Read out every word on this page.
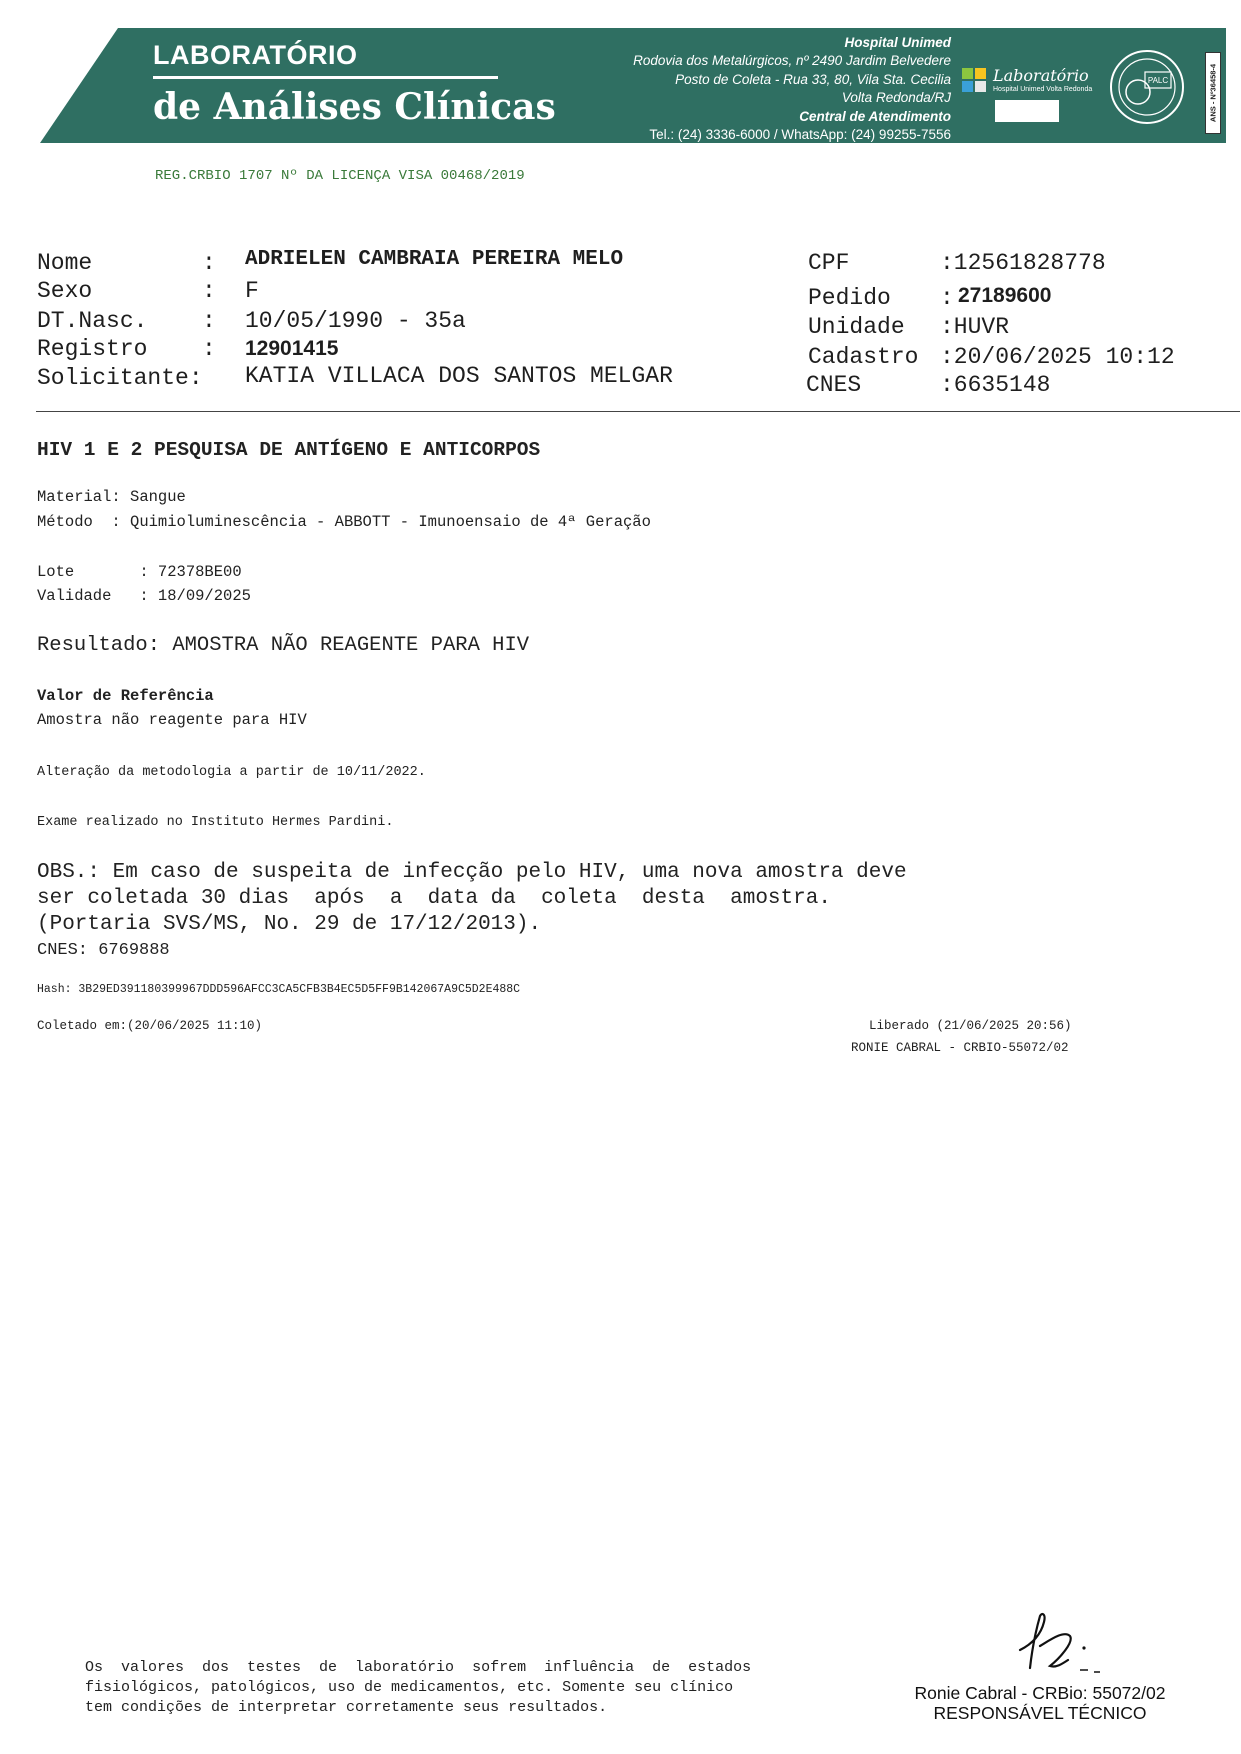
LABORATÓRIO
de Análises Clínicas
Hospital Unimed
Rodovia dos Metalúrgicos, nº 2490 Jardim Belvedere
Posto de Coleta - Rua 33, 80, Vila Sta. Cecilia
Volta Redonda/RJ
Central de Atendimento
Tel.: (24) 3336-6000 / WhatsApp: (24) 99255-7556
Laboratório
Hospital Unimed Volta Redonda
PALC	ANS - Nº36458-4
REG.CRBIO 1707 Nº DA LICENÇA VISA 00468/2019
Nome	: ADRIELEN CAMBRAIA PEREIRA MELO
Sexo	: F
DT.Nasc. : 10/05/1990 - 35a
Registro : 12901415
Solicitante: KATIA VILLACA DOS SANTOS MELGAR
CPF	:12561828778
Pedido : 27189600
Unidade :HUVR
Cadastro :20/06/2025 10:12
CNES	:6635148
HIV 1 E 2 PESQUISA DE ANTÍGENO E ANTICORPOS
Material: Sangue
Método  : Quimioluminescência - ABBOTT - Imunoensaio de 4ª Geração
Lote       : 72378BE00
Validade   : 18/09/2025
Resultado: AMOSTRA NÃO REAGENTE PARA HIV
Valor de Referência
Amostra não reagente para HIV
Alteração da metodologia a partir de 10/11/2022.
Exame realizado no Instituto Hermes Pardini.
OBS.: Em caso de suspeita de infecção pelo HIV, uma nova amostra deve
ser coletada 30 dias  após  a  data da  coleta  desta  amostra.
(Portaria SVS/MS, No. 29 de 17/12/2013).
CNES: 6769888
Hash: 3B29ED391180399967DDD596AFCC3CA5CFB3B4EC5D5FF9B142067A9C5D2E488C
Coletado em:(20/06/2025 11:10)	Liberado (21/06/2025 20:56)
RONIE CABRAL - CRBIO-55072/02
Os  valores  dos  testes  de  laboratório  sofrem  influência  de  estados
fisiológicos, patológicos, uso de medicamentos, etc. Somente seu clínico
tem condições de interpretar corretamente seus resultados.
Ronie Cabral - CRBio: 55072/02
RESPONSÁVEL TÉCNICO
